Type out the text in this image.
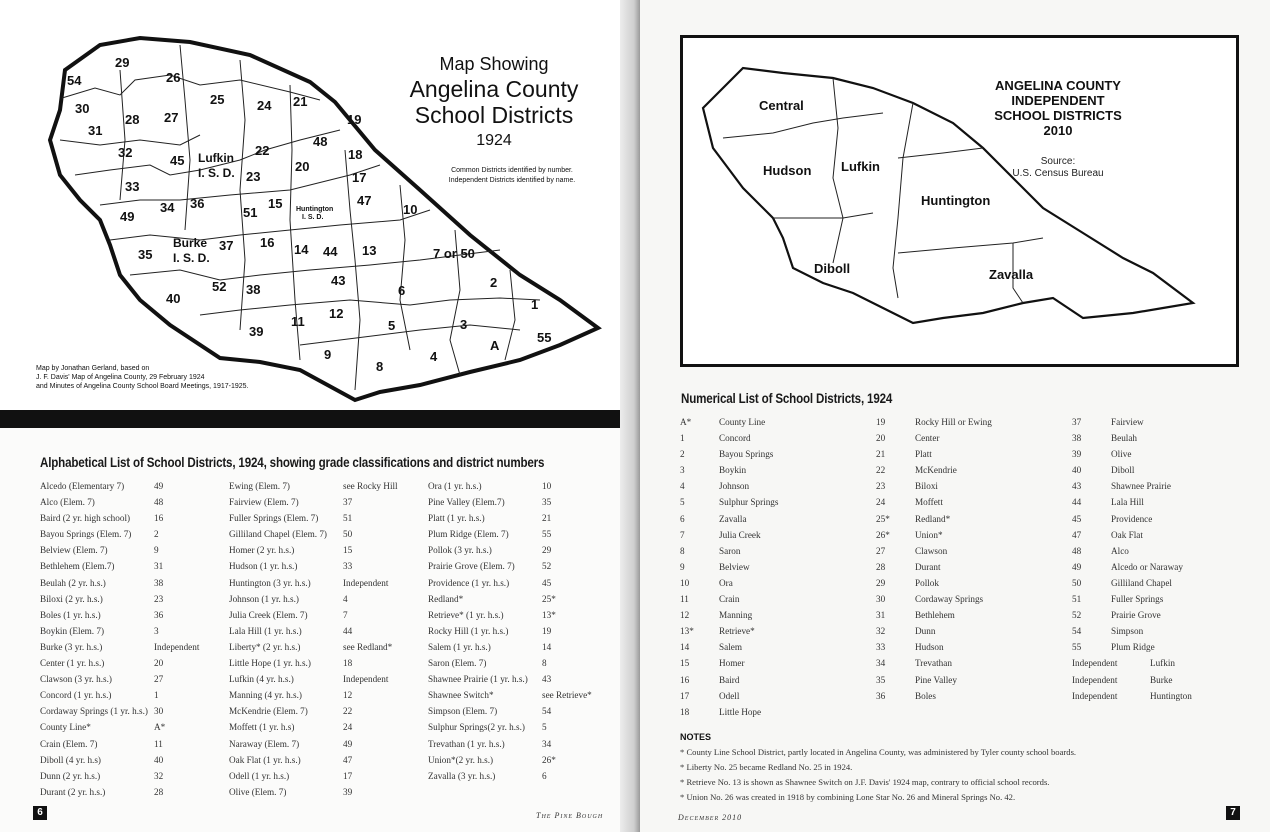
54
29
26
30
31
28 27
25	24 21
19
48
32
45
22	18
20
17
33
23
15	47
49
34 36
51	10
35
37 16 14 44 13	7 or 50
2
40
52 38
43
6
1
39
11
12
5	3
55
9
8
4
A
Lufkin
I. S. D.
Huntington
I. S. D.
Burke
I. S. D.
Map Showing
Angelina County
School Districts
1924
Common Districts identified by number.
Independent Districts identified by name.
Map by Jonathan Gerland, based on
J. F. Davis' Map of Angelina County, 29 February 1924
and Minutes of Angelina County School Board Meetings, 1917-1925.
Alphabetical List of School Districts, 1924, showing grade classifications and district numbers
Alcedo (Elementary 7)	49
Alco (Elem. 7)	48
Baird (2 yr. high school)	16
Bayou Springs (Elem. 7)	2
Belview (Elem. 7)	9
Bethlehem (Elem.7)	31
Beulah (2 yr. h.s.)	38
Biloxi (2 yr. h.s.)	23
Boles (1 yr. h.s.)	36
Boykin (Elem. 7)	3
Burke (3 yr. h.s.)	Independent
Center (1 yr. h.s.)	20
Clawson (3 yr. h.s.)	27
Concord (1 yr. h.s.)	1
Cordaway Springs (1 yr. h.s.) 30
County Line*	A*
Crain (Elem. 7)	11
Diboll (4 yr. h.s)	40
Dunn (2 yr. h.s.)	32
Durant (2 yr. h.s.)	28
Ewing (Elem. 7)	see Rocky Hill
Fairview (Elem. 7)	37
Fuller Springs (Elem. 7)	51
Gilliland Chapel (Elem. 7)	50
Homer (2 yr. h.s.)	15
Hudson (1 yr. h.s.)	33
Huntington (3 yr. h.s.)	Independent
Johnson (1 yr. h.s.)	4
Julia Creek (Elem. 7)	7
Lala Hill (1 yr. h.s.)	44
Liberty* (2 yr. h.s.)	see Redland*
Little Hope (1 yr. h.s.)	18
Lufkin (4 yr. h.s.)	Independent
Manning (4 yr. h.s.)	12
McKendrie (Elem. 7)	22
Moffett (1 yr. h.s)	24
Naraway (Elem. 7)	49
Oak Flat (1 yr. h.s.)	47
Odell (1 yr. h.s.)	17
Olive (Elem. 7)	39
Ora (1 yr. h.s.)	10
Pine Valley (Elem.7)	35
Platt (1 yr. h.s.)	21
Plum Ridge (Elem. 7)	55
Pollok (3 yr. h.s.)	29
Prairie Grove (Elem. 7)	52
Providence (1 yr. h.s.)	45
Redland*	25*
Retrieve* (1 yr. h.s.)	13*
Rocky Hill (1 yr. h.s.)	19
Salem (1 yr. h.s.)	14
Saron (Elem. 7)	8
Shawnee Prairie (1 yr. h.s.)	43
Shawnee Switch*	see Retrieve*
Simpson (Elem. 7)	54
Sulphur Springs(2 yr. h.s.)	5
Trevathan (1 yr. h.s.)	34
Union*(2 yr. h.s.)	26*
Zavalla (3 yr. h.s.)	6
6	The Pine Bough	7
December 2010
Central
Hudson Lufkin
Huntington
Diboll	Zavalla
ANGELINA COUNTY
INDEPENDENT
SCHOOL DISTRICTS
2010
Source:
U.S. Census Bureau
Numerical List of School Districts, 1924
A*	County Line
1	Concord
2	Bayou Springs
3	Boykin
4	Johnson
5	Sulphur Springs
6	Zavalla
7	Julia Creek
8	Saron
9	Belview
10	Ora
11	Crain
12	Manning
13*	Retrieve*
14	Salem
15	Homer
16	Baird
17	Odell
18	Little Hope
19	Rocky Hill or Ewing
20	Center
21	Platt
22	McKendrie
23	Biloxi
24	Moffett
25*	Redland*
26*	Union*
27	Clawson
28	Durant
29	Pollok
30	Cordaway Springs
31	Bethlehem
32	Dunn
33	Hudson
34	Trevathan
35	Pine Valley
36	Boles
37	Fairview
38	Beulah
39	Olive
40	Diboll
43	Shawnee Prairie
44	Lala Hill
45	Providence
47	Oak Flat
48	Alco
49	Alcedo or Naraway
50	Gilliland Chapel
51	Fuller Springs
52	Prairie Grove
54	Simpson
55	Plum Ridge
Independent	Lufkin
Independent	Burke
Independent	Huntington
NOTES
* County Line School District, partly located in Angelina County, was administered by Tyler county school boards.
* Liberty No. 25 became Redland No. 25 in 1924.
* Retrieve No. 13 is shown as Shawnee Switch on J.F. Davis' 1924 map, contrary to official school records.
* Union No. 26 was created in 1918 by combining Lone Star No. 26 and Mineral Springs No. 42.
